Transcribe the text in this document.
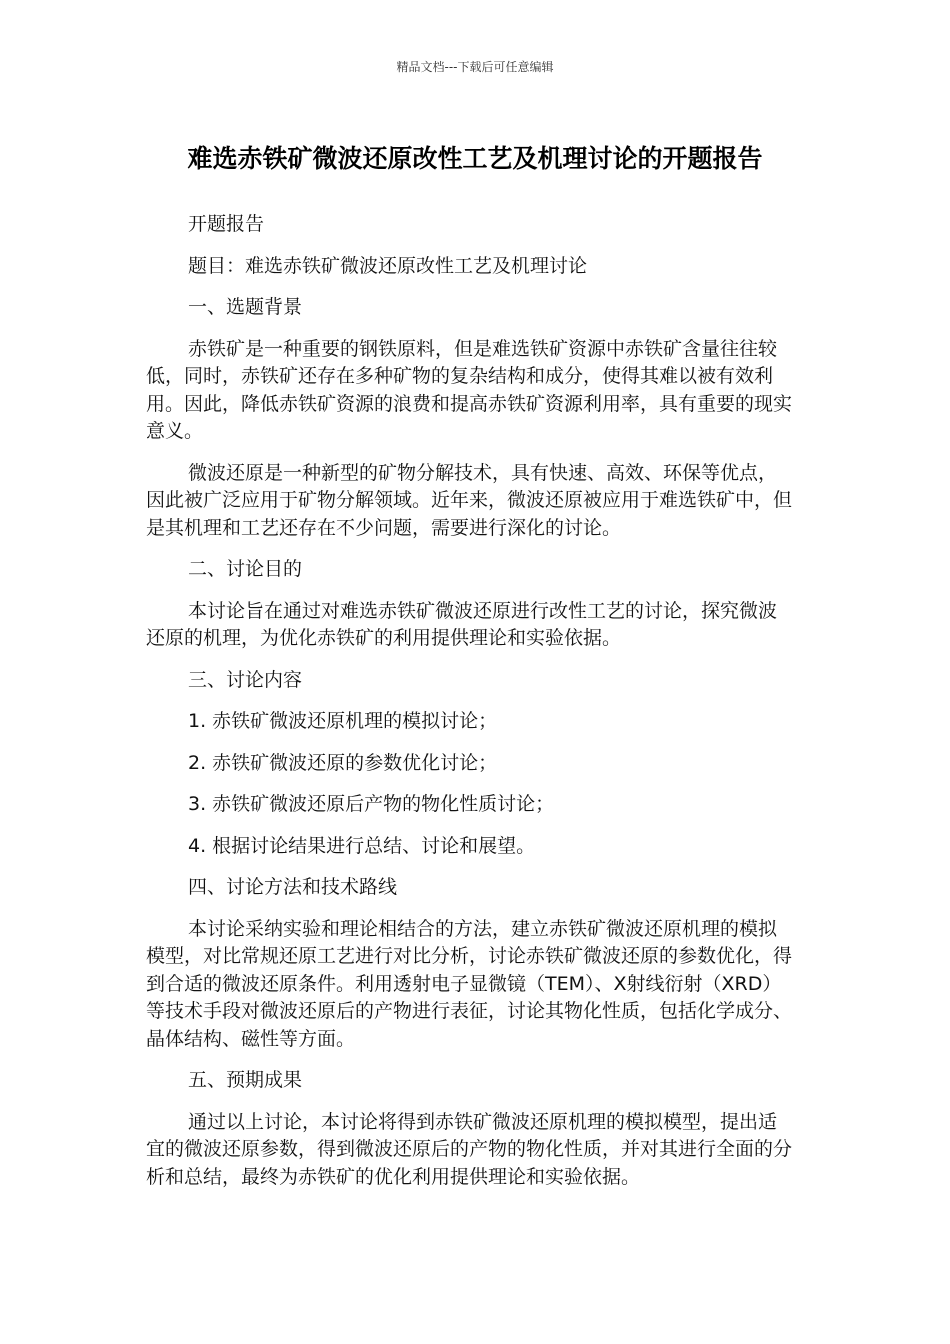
精品文档---下载后可任意编辑
难选赤铁矿微波还原改性工艺及机理讨论的开题报告

开题报告

题目：难选赤铁矿微波还原改性工艺及机理讨论

一、选题背景

赤铁矿是一种重要的钢铁原料，但是难选铁矿资源中赤铁矿含量往往较低，同时，赤铁矿还存在多种矿物的复杂结构和成分，使得其难以被有效利用。因此，降低赤铁矿资源的浪费和提高赤铁矿资源利用率，具有重要的现实意义。

微波还原是一种新型的矿物分解技术，具有快速、高效、环保等优点，因此被广泛应用于矿物分解领域。近年来，微波还原被应用于难选铁矿中，但是其机理和工艺还存在不少问题，需要进行深化的讨论。

二、讨论目的

本讨论旨在通过对难选赤铁矿微波还原进行改性工艺的讨论，探究微波还原的机理，为优化赤铁矿的利用提供理论和实验依据。

三、讨论内容

1. 赤铁矿微波还原机理的模拟讨论；

2. 赤铁矿微波还原的参数优化讨论；

3. 赤铁矿微波还原后产物的物化性质讨论；

4. 根据讨论结果进行总结、讨论和展望。

四、讨论方法和技术路线

本讨论采纳实验和理论相结合的方法，建立赤铁矿微波还原机理的模拟模型，对比常规还原工艺进行对比分析，讨论赤铁矿微波还原的参数优化，得到合适的微波还原条件。利用透射电子显微镜（TEM）、X射线衍射（XRD）等技术手段对微波还原后的产物进行表征，讨论其物化性质，包括化学成分、晶体结构、磁性等方面。

五、预期成果

通过以上讨论，本讨论将得到赤铁矿微波还原机理的模拟模型，提出适宜的微波还原参数，得到微波还原后的产物的物化性质，并对其进行全面的分析和总结，最终为赤铁矿的优化利用提供理论和实验依据。
